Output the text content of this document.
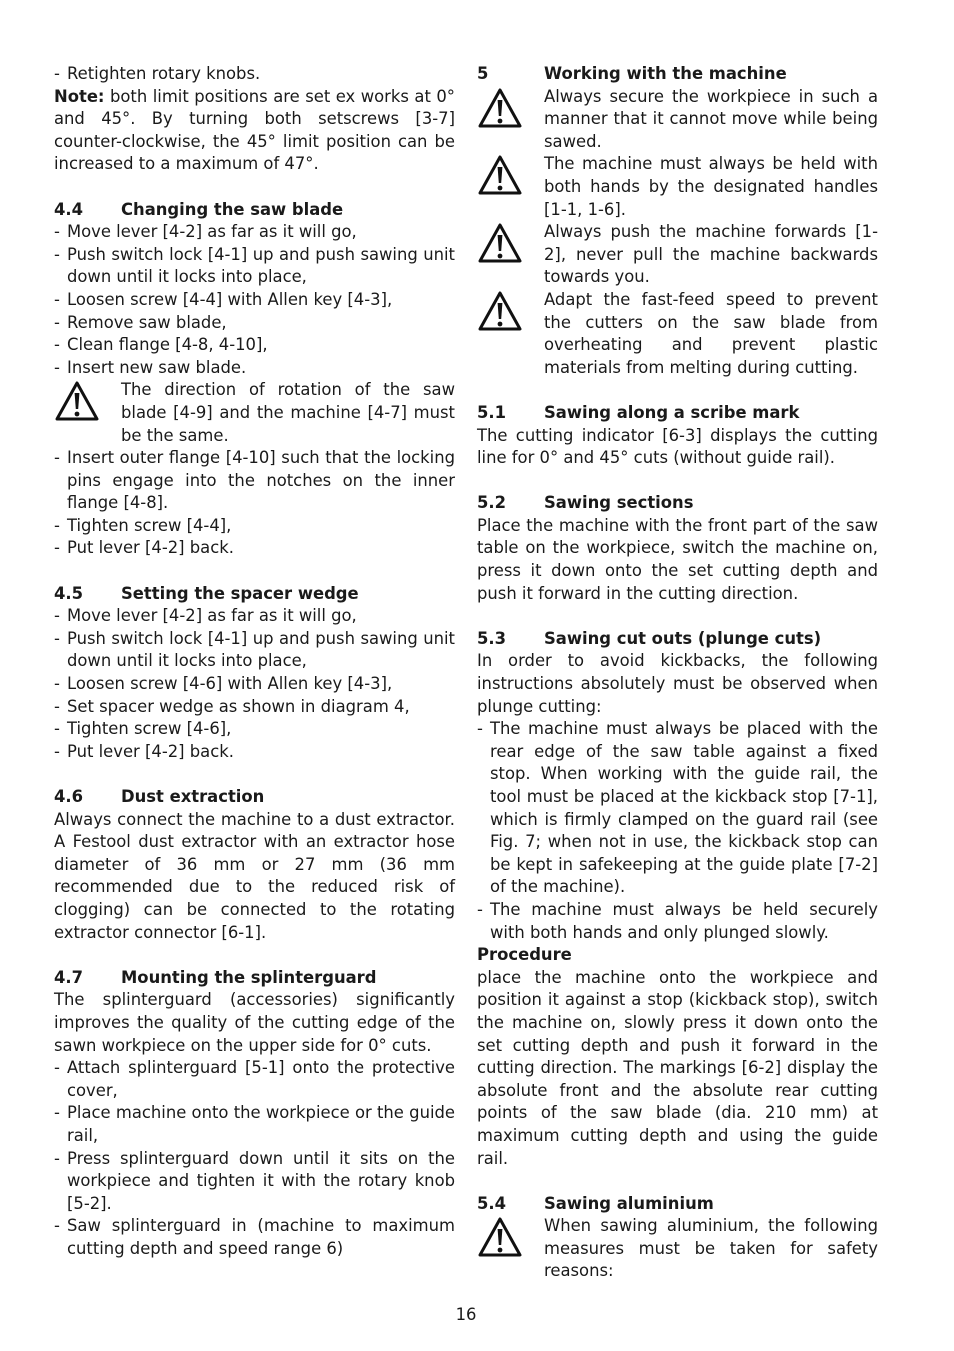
- Retighten rotary knobs.

Note: both limit positions are set ex works at 0° and 45°. By turning both setscrews [3-7] counter-clockwise, the 45° limit position can be increased to a maximum of 47°.

4.4	Changing the saw blade
- Move lever [4-2] as far as it will go,
- Push switch lock [4-1] up and push sawing unit down until it locks into place,
- Loosen screw [4-4] with Allen key [4-3],
- Remove saw blade,
- Clean flange [4-8, 4-10],
- Insert new saw blade.
The direction of rotation of the saw blade [4-9] and the machine [4-7] must be the same.
- Insert outer flange [4-10] such that the locking pins engage into the notches on the inner flange [4-8].
- Tighten screw [4-4],
- Put lever [4-2] back.
4.5	Setting the spacer wedge
- Move lever [4-2] as far as it will go,
- Push switch lock [4-1] up and push sawing unit down until it locks into place,
- Loosen screw [4-6] with Allen key [4-3],
- Set spacer wedge as shown in diagram 4,
- Tighten screw [4-6],
- Put lever [4-2] back.
4.6	Dust extraction

Always connect the machine to a dust extractor. A Festool dust extractor with an extractor hose diameter of 36 mm or 27 mm (36 mm recommended due to the reduced risk of clogging) can be connected to the rotating extractor connector [6-1].

4.7	Mounting the splinterguard

The splinterguard (accessories) significantly improves the quality of the cutting edge of the sawn workpiece on the upper side for 0° cuts.

- Attach splinterguard [5-1] onto the protective cover,
- Place machine onto the workpiece or the guide rail,
- Press splinterguard down until it sits on the workpiece and tighten it with the rotary knob [5-2].
- Saw splinterguard in (machine to maximum cutting depth and speed range 6)
5	Working with the machine
Always secure the workpiece in such a manner that it cannot move while being sawed.
The machine must always be held with both hands by the designated handles [1-1, 1-6].
Always push the machine forwards [1-2], never pull the machine backwards towards you.
Adapt the fast-feed speed to prevent the cutters on the saw blade from overheating and prevent plastic materials from melting during cutting.
5.1	Sawing along a scribe mark

The cutting indicator [6-3] displays the cutting line for 0° and 45° cuts (without guide rail).

5.2	Sawing sections

Place the machine with the front part of the saw table on the workpiece, switch the machine on, press it down onto the set cutting depth and push it forward in the cutting direction.

5.3	Sawing cut outs (plunge cuts)

In order to avoid kickbacks, the following instructions absolutely must be observed when plunge cutting:

- The machine must always be placed with the rear edge of the saw table against a fixed stop. When working with the guide rail, the tool must be placed at the kickback stop [7-1], which is firmly clamped on the guard rail (see Fig. 7; when not in use, the kickback stop can be kept in safekeeping at the guide plate [7-2] of the machine).
- The machine must always be held securely with both hands and only plunged slowly.

Procedure

place the machine onto the workpiece and position it against a stop (kickback stop), switch the machine on, slowly press it down onto the set cutting depth and push it forward in the cutting direction. The markings [6-2] display the absolute front and the absolute rear cutting points of the saw blade (dia. 210 mm) at maximum cutting depth and using the guide rail.

5.4	Sawing aluminium
When sawing aluminium, the following measures must be taken for safety reasons:
16
